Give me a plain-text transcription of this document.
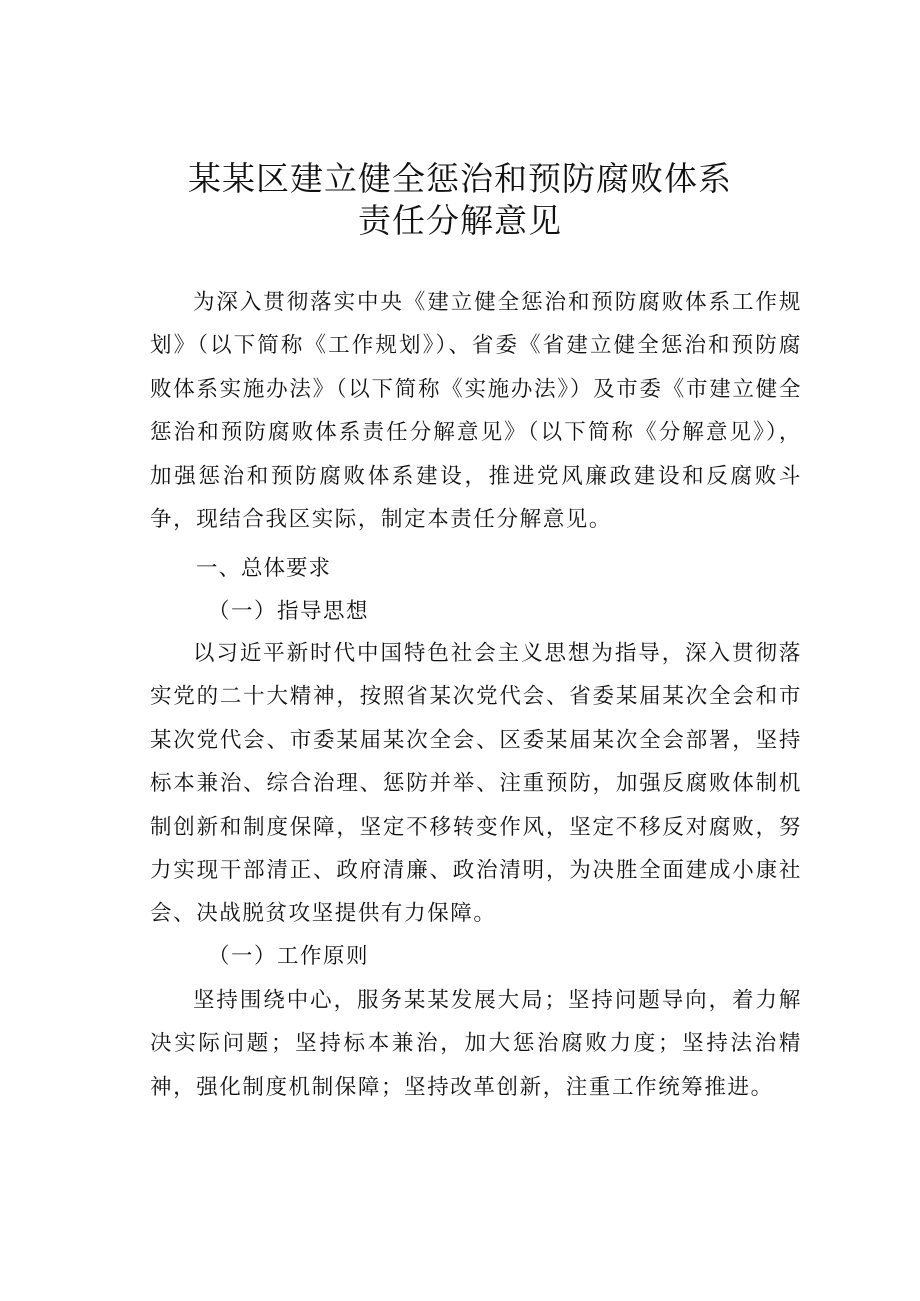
某某区建立健全惩治和预防腐败体系
责任分解意见

为深入贯彻落实中央《建立健全惩治和预防腐败体系工作规划》（以下简称《工作规划》）、省委《省建立健全惩治和预防腐败体系实施办法》（以下简称《实施办法》）及市委《市建立健全惩治和预防腐败体系责任分解意见》（以下简称《分解意见》），加强惩治和预防腐败体系建设，推进党风廉政建设和反腐败斗争，现结合我区实际，制定本责任分解意见。

一、总体要求

（一）指导思想

以习近平新时代中国特色社会主义思想为指导，深入贯彻落实党的二十大精神，按照省某次党代会、省委某届某次全会和市某次党代会、市委某届某次全会、区委某届某次全会部署，坚持标本兼治、综合治理、惩防并举、注重预防，加强反腐败体制机制创新和制度保障，坚定不移转变作风，坚定不移反对腐败，努力实现干部清正、政府清廉、政治清明，为决胜全面建成小康社会、决战脱贫攻坚提供有力保障。

（一）工作原则

坚持围绕中心，服务某某发展大局；坚持问题导向，着力解决实际问题；坚持标本兼治，加大惩治腐败力度；坚持法治精神，强化制度机制保障；坚持改革创新，注重工作统筹推进。
